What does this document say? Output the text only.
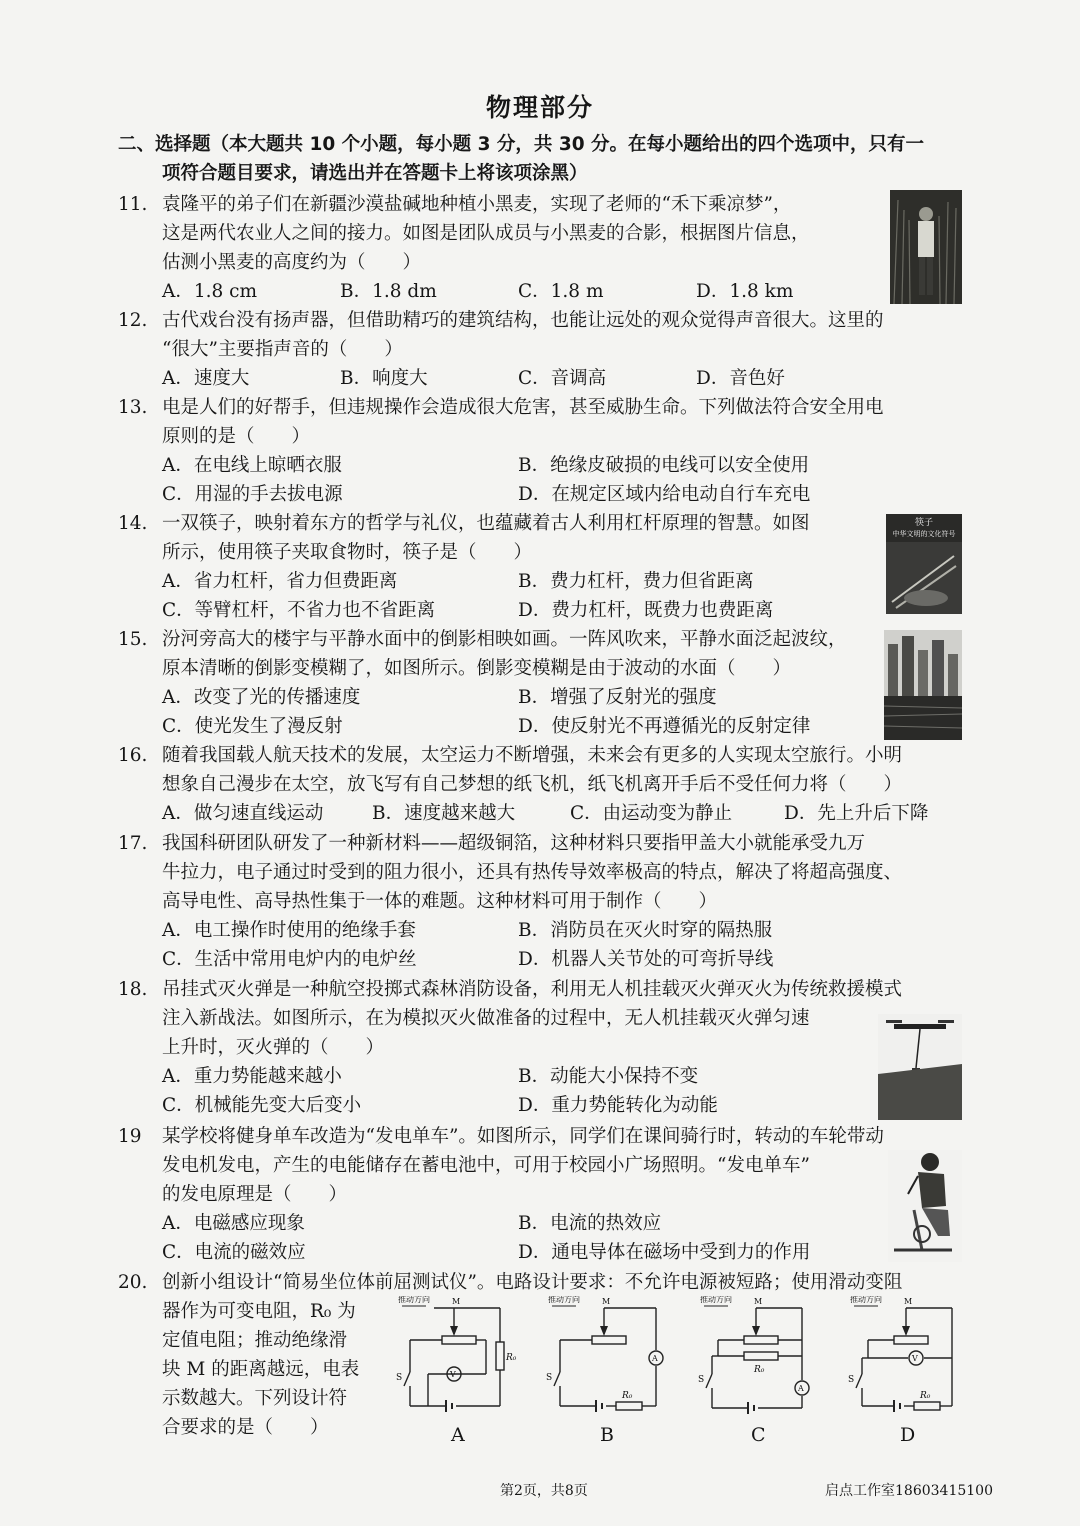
物理部分
二、选择题（本大题共 10 个小题，每小题 3 分，共 30 分。在每小题给出的四个选项中，只有一
项符合题目要求，请选出并在答题卡上将该项涂黑）
11. 袁隆平的弟子们在新疆沙漠盐碱地种植小黑麦，实现了老师的“禾下乘凉梦”，
这是两代农业人之间的接力。如图是团队成员与小黑麦的合影，根据图片信息，
估测小黑麦的高度约为（　　）
A．1.8 cm	B．1.8 dm	C．1.8 m	D．1.8 km
12. 古代戏台没有扬声器，但借助精巧的建筑结构，也能让远处的观众觉得声音很大。这里的
“很大”主要指声音的（　　）
A．速度大	B．响度大	C．音调高	D．音色好
13. 电是人们的好帮手，但违规操作会造成很大危害，甚至威胁生命。下列做法符合安全用电
原则的是（　　）
A．在电线上晾晒衣服	B．绝缘皮破损的电线可以安全使用
C．用湿的手去拔电源	D．在规定区域内给电动自行车充电
14. 一双筷子，映射着东方的哲学与礼仪，也蕴藏着古人利用杠杆原理的智慧。如图
所示，使用筷子夹取食物时，筷子是（　　）
A．省力杠杆，省力但费距离	B．费力杠杆，费力但省距离
C．等臂杠杆，不省力也不省距离	D．费力杠杆，既费力也费距离
15. 汾河旁高大的楼宇与平静水面中的倒影相映如画。一阵风吹来，平静水面泛起波纹，
原本清晰的倒影变模糊了，如图所示。倒影变模糊是由于波动的水面（　　）
A．改变了光的传播速度	B．增强了反射光的强度
C．使光发生了漫反射	D．使反射光不再遵循光的反射定律
16. 随着我国载人航天技术的发展，太空运力不断增强，未来会有更多的人实现太空旅行。小明
想象自己漫步在太空，放飞写有自己梦想的纸飞机，纸飞机离开手后不受任何力将（　　）
A．做匀速直线运动	B．速度越来越大	C．由运动变为静止	D．先上升后下降
17. 我国科研团队研发了一种新材料——超级铜箔，这种材料只要指甲盖大小就能承受九万
牛拉力，电子通过时受到的阻力很小，还具有热传导效率极高的特点，解决了将超高强度、
高导电性、高导热性集于一体的难题。这种材料可用于制作（　　）
A．电工操作时使用的绝缘手套	B．消防员在灭火时穿的隔热服
C．生活中常用电炉内的电炉丝	D．机器人关节处的可弯折导线
18. 吊挂式灭火弹是一种航空投掷式森林消防设备，利用无人机挂载灭火弹灭火为传统救援模式
注入新战法。如图所示，在为模拟灭火做准备的过程中，无人机挂载灭火弹匀速
上升时，灭火弹的（　　）
A．重力势能越来越小	B．动能大小保持不变
C．机械能先变大后变小	D．重力势能转化为动能
19 某学校将健身单车改造为“发电单车”。如图所示，同学们在课间骑行时，转动的车轮带动
发电机发电，产生的电能储存在蓄电池中，可用于校园小广场照明。“发电单车”
的发电原理是（　　）
A．电磁感应现象	B．电流的热效应
C．电流的磁效应	D．通电导体在磁场中受到力的作用
20. 创新小组设计“简易坐位体前屈测试仪”。电路设计要求：不允许电源被短路；使用滑动变阻
器作为可变电阻，R₀ 为
定值电阻；推动绝缘滑
块 M 的距离越远，电表
示数越大。下列设计符
合要求的是（　　）
筷子
中华文明的文化符号
推动方向	M
V
S
R₀
A
推动方向	M
A
S
R₀
B
推动方向	M
A
S
R₀
C
推动方向	M
V
S
R₀
D
第2页，共8页	启点工作室18603415100
